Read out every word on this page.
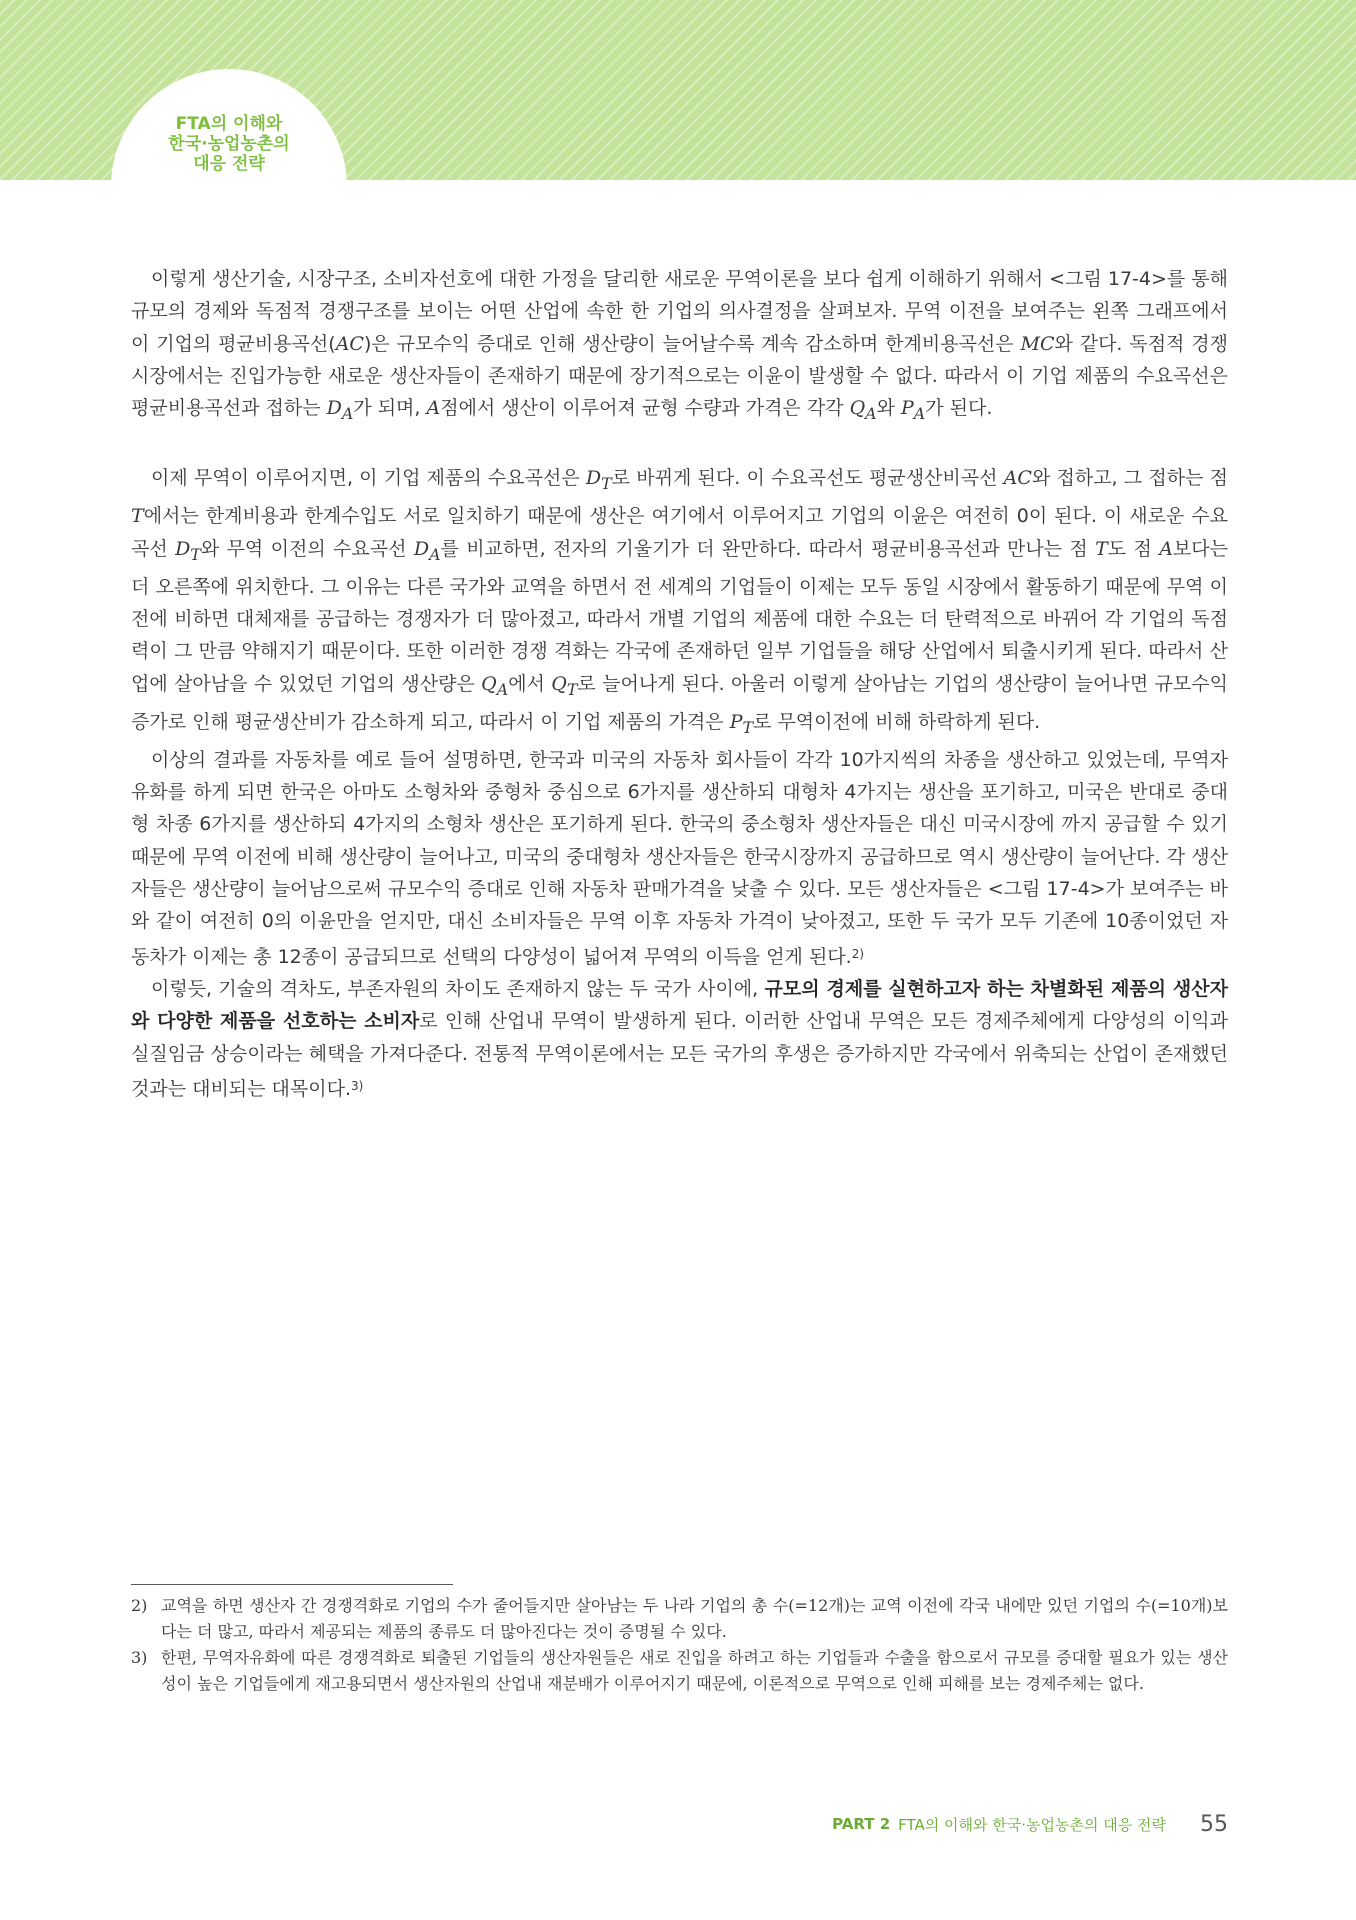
FTA의 이해와
한국·농업농촌의
대응 전략

이렇게 생산기술, 시장구조, 소비자선호에 대한 가정을 달리한 새로운 무역이론을 보다 쉽게 이해하기 위해서 <그림 17-4>를 통해 규모의 경제와 독점적 경쟁구조를 보이는 어떤 산업에 속한 한 기업의 의사결정을 살펴보자. 무역 이전을 보여주는 왼쪽 그래프에서 이 기업의 평균비용곡선(AC)은 규모수익 증대로 인해 생산량이 늘어날수록 계속 감소하며 한계비용곡선은 MC와 같다. 독점적 경쟁시장에서는 진입가능한 새로운 생산자들이 존재하기 때문에 장기적으로는 이윤이 발생할 수 없다. 따라서 이 기업 제품의 수요곡선은 평균비용곡선과 접하는 $D_A$가 되며, A점에서 생산이 이루어져 균형 수량과 가격은 각각 $Q_A$와 $P_A$가 된다.

이제 무역이 이루어지면, 이 기업 제품의 수요곡선은 $D_T$로 바뀌게 된다. 이 수요곡선도 평균생산비곡선 AC와 접하고, 그 접하는 점 T에서는 한계비용과 한계수입도 서로 일치하기 때문에 생산은 여기에서 이루어지고 기업의 이윤은 여전히 0이 된다. 이 새로운 수요곡선 $D_T$와 무역 이전의 수요곡선 $D_A$를 비교하면, 전자의 기울기가 더 완만하다. 따라서 평균비용곡선과 만나는 점 T도 점 A보다는 더 오른쪽에 위치한다. 그 이유는 다른 국가와 교역을 하면서 전 세계의 기업들이 이제는 모두 동일 시장에서 활동하기 때문에 무역 이전에 비하면 대체재를 공급하는 경쟁자가 더 많아졌고, 따라서 개별 기업의 제품에 대한 수요는 더 탄력적으로 바뀌어 각 기업의 독점력이 그 만큼 약해지기 때문이다. 또한 이러한 경쟁 격화는 각국에 존재하던 일부 기업들을 해당 산업에서 퇴출시키게 된다. 따라서 산업에 살아남을 수 있었던 기업의 생산량은 $Q_A$에서 $Q_T$로 늘어나게 된다. 아울러 이렇게 살아남는 기업의 생산량이 늘어나면 규모수익 증가로 인해 평균생산비가 감소하게 되고, 따라서 이 기업 제품의 가격은 $P_T$로 무역이전에 비해 하락하게 된다.

이상의 결과를 자동차를 예로 들어 설명하면, 한국과 미국의 자동차 회사들이 각각 10가지씩의 차종을 생산하고 있었는데, 무역자유화를 하게 되면 한국은 아마도 소형차와 중형차 중심으로 6가지를 생산하되 대형차 4가지는 생산을 포기하고, 미국은 반대로 중대형 차종 6가지를 생산하되 4가지의 소형차 생산은 포기하게 된다. 한국의 중소형차 생산자들은 대신 미국시장에 까지 공급할 수 있기 때문에 무역 이전에 비해 생산량이 늘어나고, 미국의 중대형차 생산자들은 한국시장까지 공급하므로 역시 생산량이 늘어난다. 각 생산자들은 생산량이 늘어남으로써 규모수익 증대로 인해 자동차 판매가격을 낮출 수 있다. 모든 생산자들은 <그림 17-4>가 보여주는 바와 같이 여전히 0의 이윤만을 얻지만, 대신 소비자들은 무역 이후 자동차 가격이 낮아졌고, 또한 두 국가 모두 기존에 10종이었던 자동차가 이제는 총 12종이 공급되므로 선택의 다양성이 넓어져 무역의 이득을 얻게 된다.$^{2)}$

이렇듯, 기술의 격차도, 부존자원의 차이도 존재하지 않는 두 국가 사이에, 규모의 경제를 실현하고자 하는 차별화된 제품의 생산자와 다양한 제품을 선호하는 소비자로 인해 산업내 무역이 발생하게 된다. 이러한 산업내 무역은 모든 경제주체에게 다양성의 이익과 실질임금 상승이라는 혜택을 가져다준다. 전통적 무역이론에서는 모든 국가의 후생은 증가하지만 각국에서 위축되는 산업이 존재했던 것과는 대비되는 대목이다.$^{3)}$

2) 교역을 하면 생산자 간 경쟁격화로 기업의 수가 줄어들지만 살아남는 두 나라 기업의 총 수(=12개)는 교역 이전에 각국 내에만 있던 기업의 수(=10개)보다는 더 많고, 따라서 제공되는 제품의 종류도 더 많아진다는 것이 증명될 수 있다.
3) 한편, 무역자유화에 따른 경쟁격화로 퇴출된 기업들의 생산자원들은 새로 진입을 하려고 하는 기업들과 수출을 함으로서 규모를 증대할 필요가 있는 생산성이 높은 기업들에게 재고용되면서 생산자원의 산업내 재분배가 이루어지기 때문에, 이론적으로 무역으로 인해 피해를 보는 경제주체는 없다.
PART 2 FTA의 이해와 한국·농업농촌의 대응 전략 55
